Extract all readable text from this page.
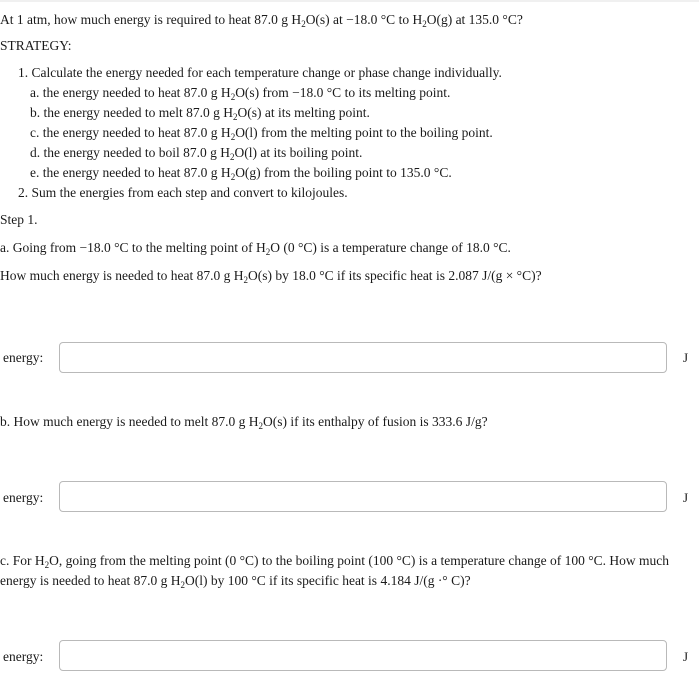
At 1 atm, how much energy is required to heat 87.0 g $H_2O(s)$ at −18.0 °C to $H_2O(g)$ at 135.0 °C?
STRATEGY:
1. Calculate the energy needed for each temperature change or phase change individually.
a. the energy needed to heat 87.0 g $H_2O(s)$ from −18.0 °C to its melting point.
b. the energy needed to melt 87.0 g $H_2O(s)$ at its melting point.
c. the energy needed to heat 87.0 g $H_2O(l)$ from the melting point to the boiling point.
d. the energy needed to boil 87.0 g $H_2O(l)$ at its boiling point.
e. the energy needed to heat 87.0 g $H_2O(g)$ from the boiling point to 135.0 °C.
2. Sum the energies from each step and convert to kilojoules.
Step 1.
a. Going from −18.0 °C to the melting point of $H_2O$ (0 °C) is a temperature change of 18.0 °C.
How much energy is needed to heat 87.0 g $H_2O(s)$ by 18.0 °C if its specific heat is 2.087 J/(g × °C)?
energy:	J
b. How much energy is needed to melt 87.0 g $H_2O(s)$ if its enthalpy of fusion is 333.6 J/g?
energy:	J
c. For $H_2O$, going from the melting point (0 °C) to the boiling point (100 °C) is a temperature change of 100 °C. How much
energy is needed to heat 87.0 g $H_2O(l)$ by 100 °C if its specific heat is 4.184 J/(g ·° C)?
energy:	J
